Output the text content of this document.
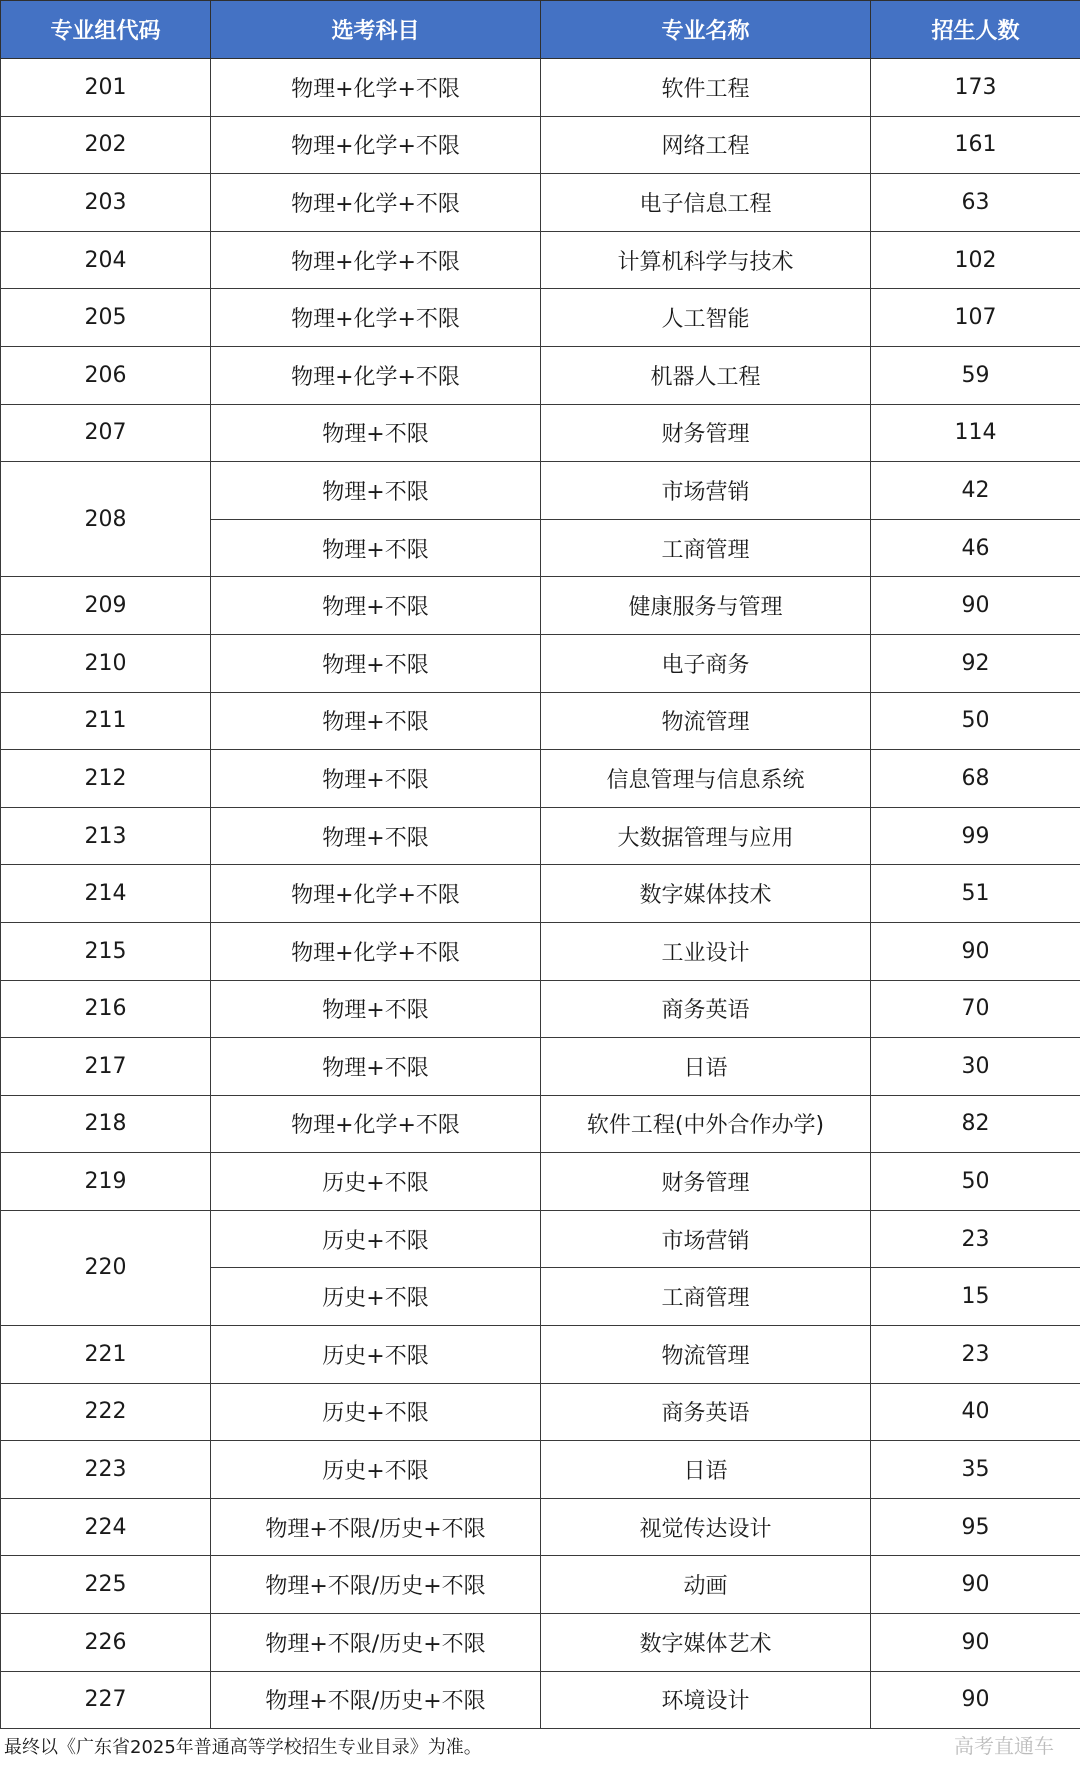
专业组代码	选考科目	专业名称	招生人数
201	物理+化学+不限	软件工程	173
202	物理+化学+不限	网络工程	161
203	物理+化学+不限	电子信息工程	63
204	物理+化学+不限	计算机科学与技术	102
205	物理+化学+不限	人工智能	107
206	物理+化学+不限	机器人工程	59
207	物理+不限	财务管理	114
208	物理+不限	市场营销	42
	物理+不限	工商管理	46
209	物理+不限	健康服务与管理	90
210	物理+不限	电子商务	92
211	物理+不限	物流管理	50
212	物理+不限	信息管理与信息系统	68
213	物理+不限	大数据管理与应用	99
214	物理+化学+不限	数字媒体技术	51
215	物理+化学+不限	工业设计	90
216	物理+不限	商务英语	70
217	物理+不限	日语	30
218	物理+化学+不限	软件工程(中外合作办学)	82
219	历史+不限	财务管理	50
220	历史+不限	市场营销	23
	历史+不限	工商管理	15
221	历史+不限	物流管理	23
222	历史+不限	商务英语	40
223	历史+不限	日语	35
224	物理+不限/历史+不限	视觉传达设计	95
225	物理+不限/历史+不限	动画	90
226	物理+不限/历史+不限	数字媒体艺术	90
227	物理+不限/历史+不限	环境设计	90
最终以《广东省2025年普通高等学校招生专业目录》为准。	高考直通车
